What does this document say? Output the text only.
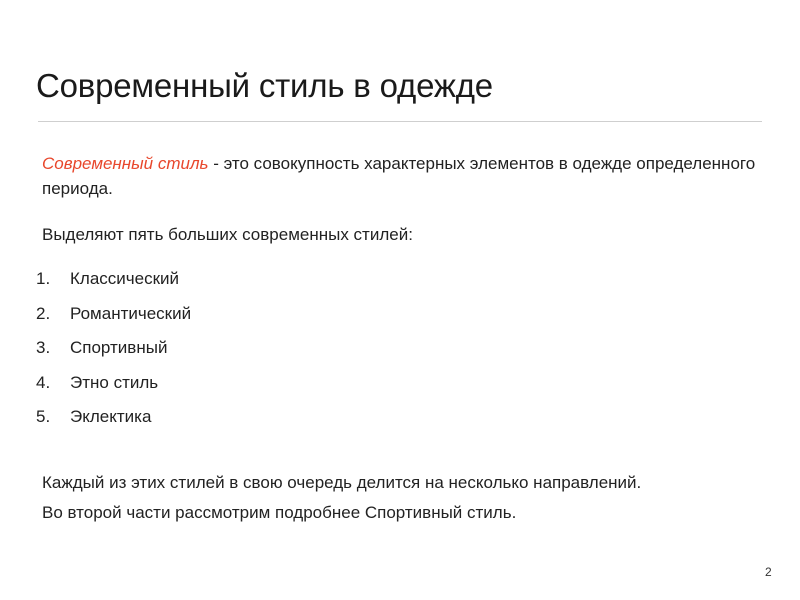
Современный стиль в одежде

Современный стиль - это совокупность характерных элементов в одежде определенного периода.

Выделяют пять больших современных стилей:

1. Классический
2. Романтический
3. Спортивный
4. Этно стиль
5. Эклектика

Каждый из этих стилей в свою очередь делится на несколько направлений.

Во второй части рассмотрим подробнее Спортивный стиль.

2
